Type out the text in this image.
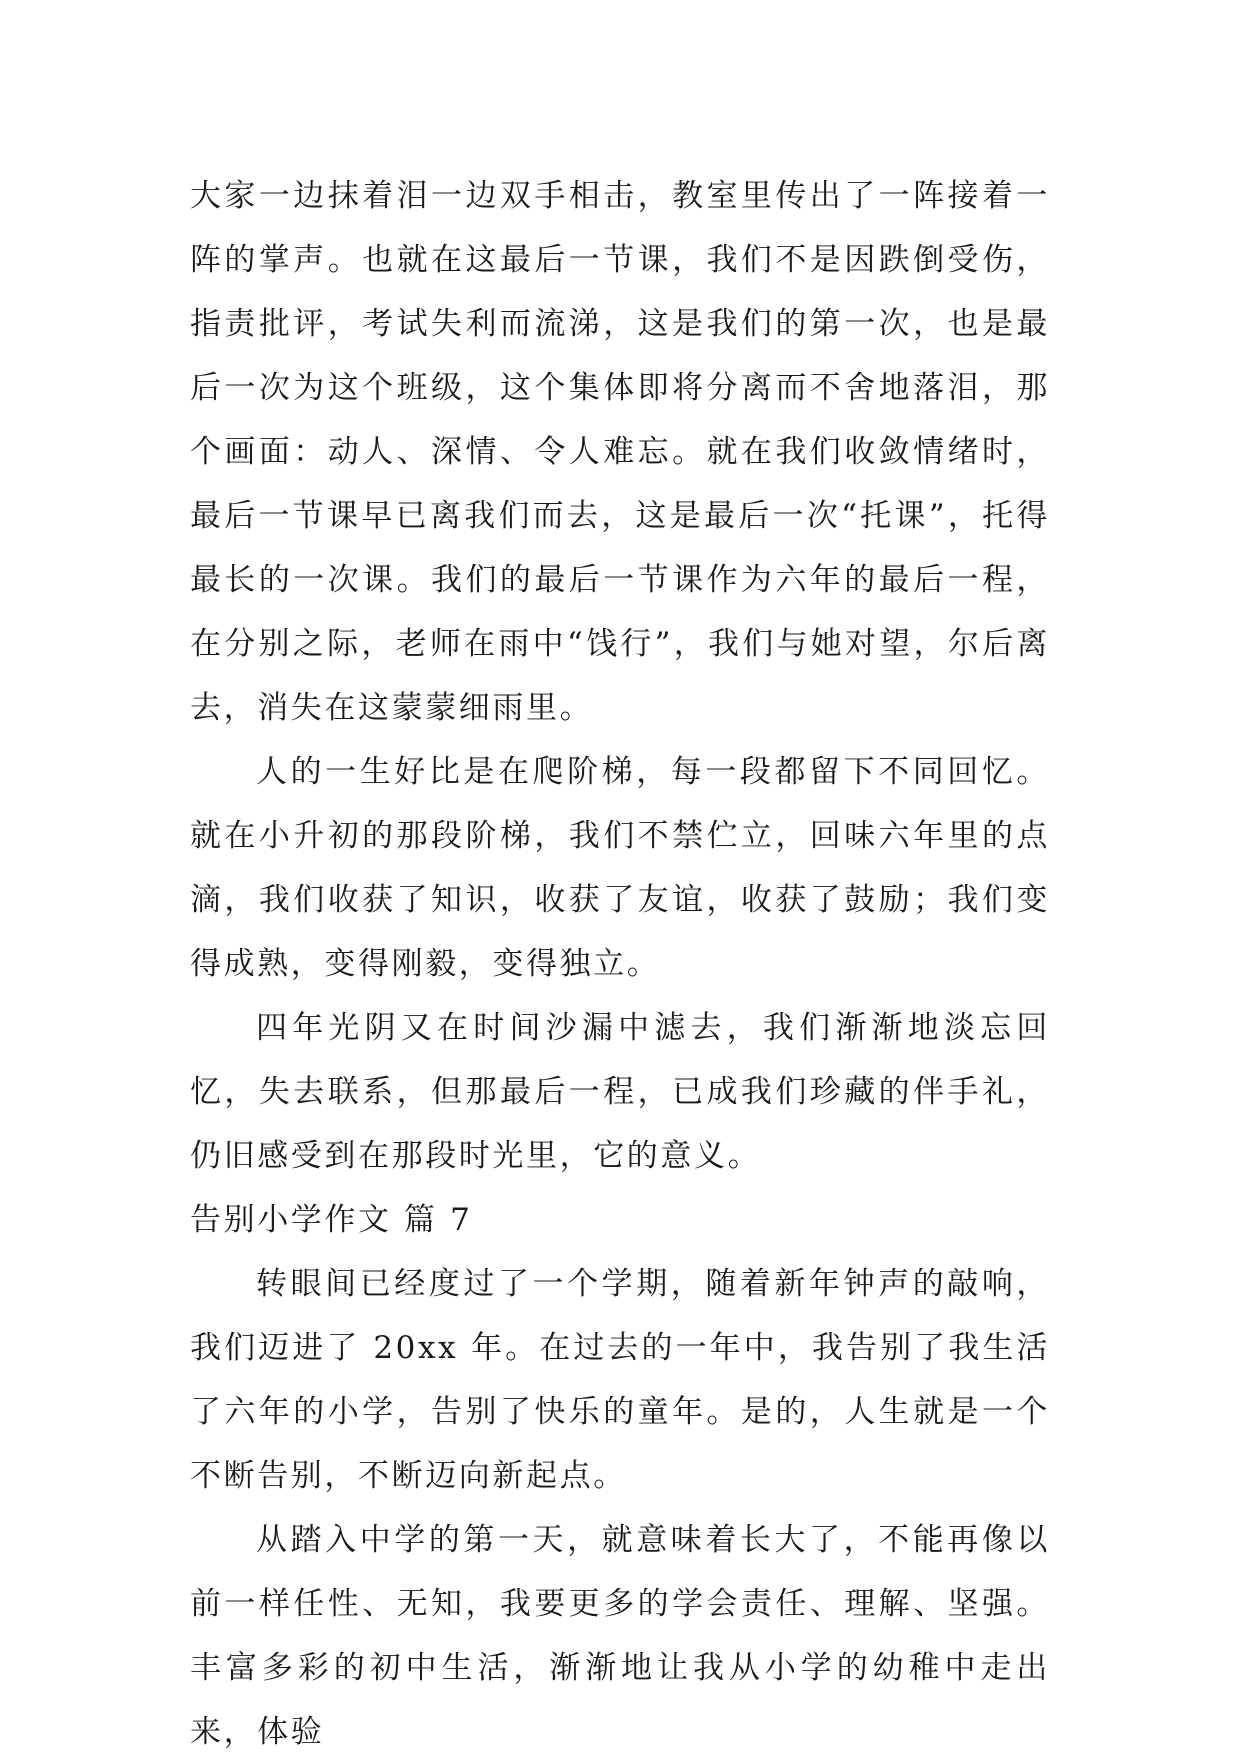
大家一边抹着泪一边双手相击，教室里传出了一阵接着一阵的掌声。也就在这最后一节课，我们不是因跌倒受伤，指责批评，考试失利而流涕，这是我们的第一次，也是最后一次为这个班级，这个集体即将分离而不舍地落泪，那个画面：动人、深情、令人难忘。就在我们收敛情绪时，最后一节课早已离我们而去，这是最后一次“托课”，托得最长的一次课。我们的最后一节课作为六年的最后一程，在分别之际，老师在雨中“饯行”，我们与她对望，尔后离去，消失在这蒙蒙细雨里。

人的一生好比是在爬阶梯，每一段都留下不同回忆。就在小升初的那段阶梯，我们不禁伫立，回味六年里的点滴，我们收获了知识，收获了友谊，收获了鼓励；我们变得成熟，变得刚毅，变得独立。

四年光阴又在时间沙漏中滤去，我们渐渐地淡忘回忆，失去联系，但那最后一程，已成我们珍藏的伴手礼，仍旧感受到在那段时光里，它的意义。

告别小学作文 篇 7

转眼间已经度过了一个学期，随着新年钟声的敲响，我们迈进了 20xx 年。在过去的一年中，我告别了我生活了六年的小学，告别了快乐的童年。是的，人生就是一个不断告别，不断迈向新起点。

从踏入中学的第一天，就意味着长大了，不能再像以前一样任性、无知，我要更多的学会责任、理解、坚强。丰富多彩的初中生活，渐渐地让我从小学的幼稚中走出来，体验
